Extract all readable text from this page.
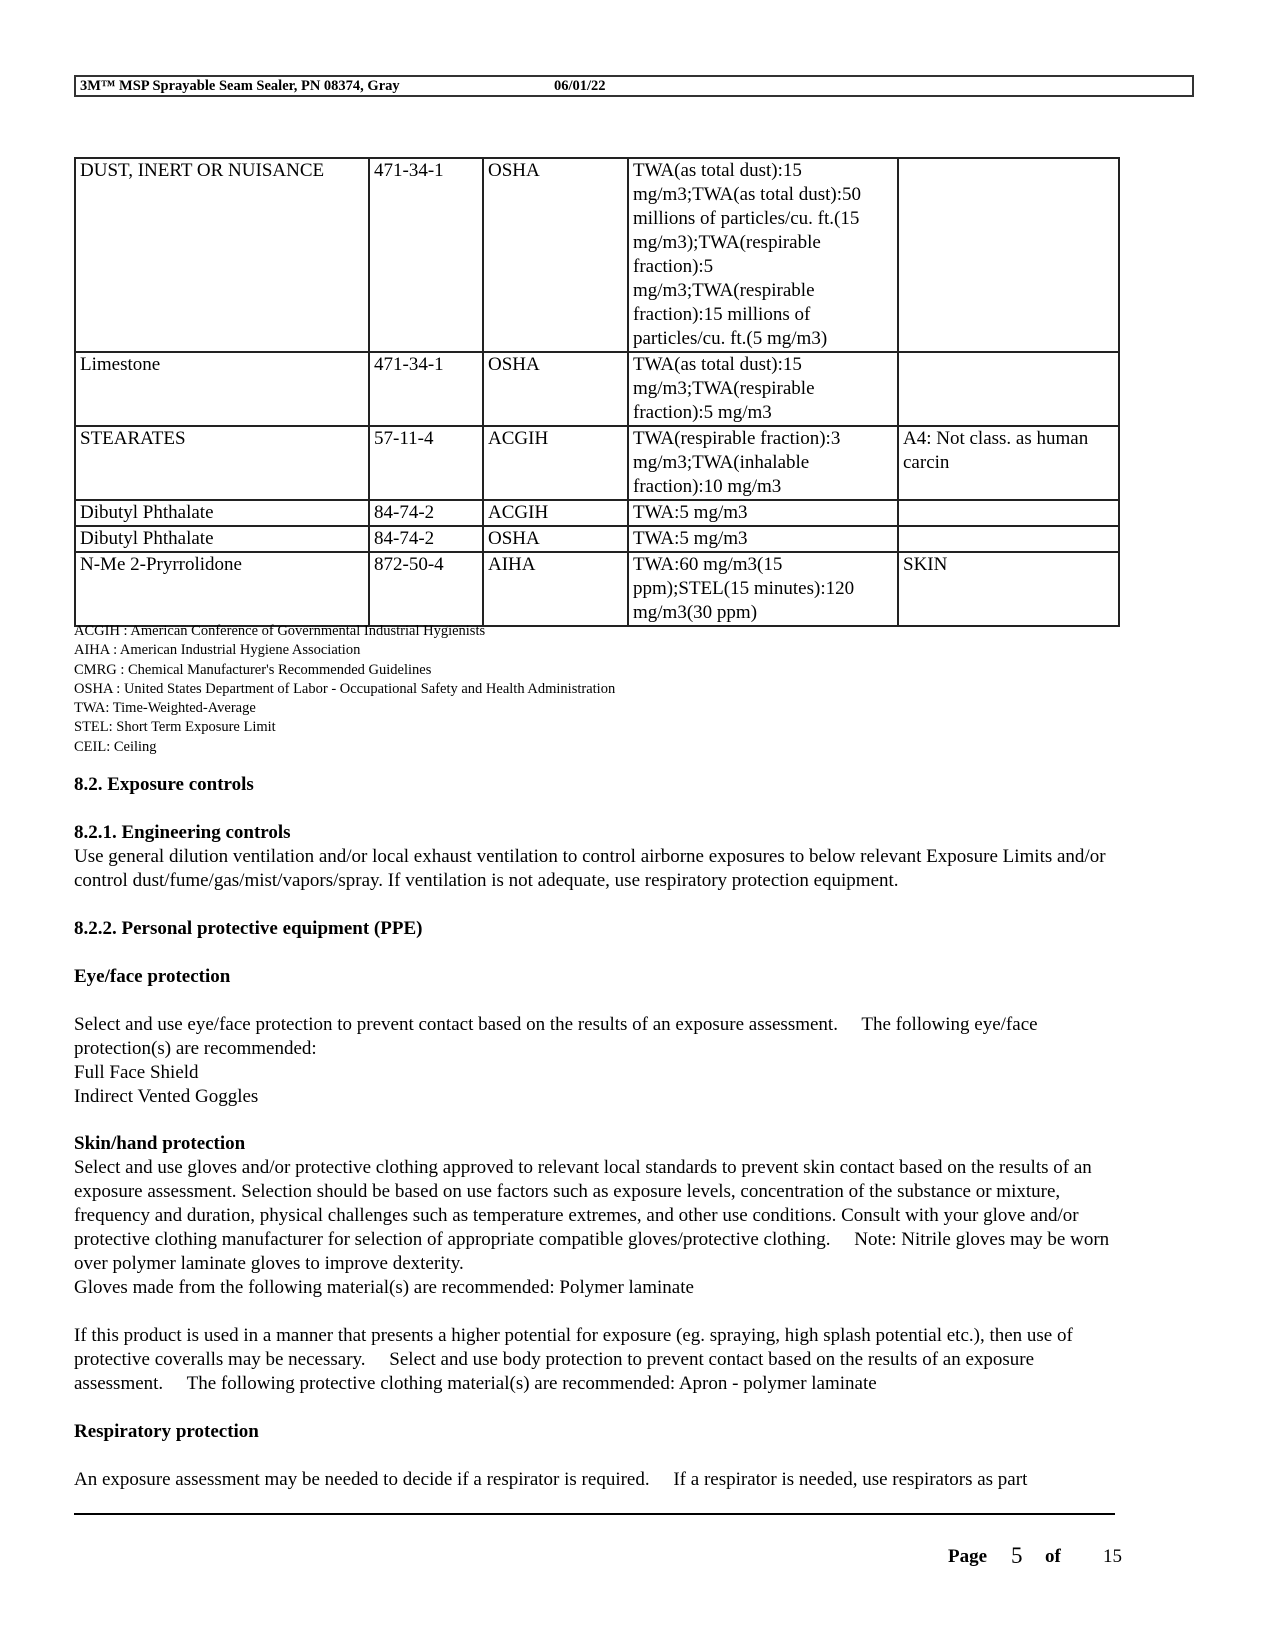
3M™ MSP Sprayable Seam Sealer, PN 08374, Gray	06/01/22
DUST, INERT OR NUISANCE	471-34-1	OSHA	TWA(as total dust):15 mg/m3;TWA(as total dust):50 millions of particles/cu. ft.(15 mg/m3);TWA(respirable fraction):5 mg/m3;TWA(respirable fraction):15 millions of particles/cu. ft.(5 mg/m3)	
Limestone	471-34-1	OSHA	TWA(as total dust):15 mg/m3;TWA(respirable fraction):5 mg/m3	
STEARATES	57-11-4	ACGIH	TWA(respirable fraction):3 mg/m3;TWA(inhalable fraction):10 mg/m3	A4: Not class. as human carcin
Dibutyl Phthalate	84-74-2	ACGIH	TWA:5 mg/m3	
Dibutyl Phthalate	84-74-2	OSHA	TWA:5 mg/m3	
N-Me 2-Pryrrolidone	872-50-4	AIHA	TWA:60 mg/m3(15 ppm);STEL(15 minutes):120 mg/m3(30 ppm)	SKIN
ACGIH : American Conference of Governmental Industrial Hygienists
AIHA : American Industrial Hygiene Association
CMRG : Chemical Manufacturer's Recommended Guidelines
OSHA : United States Department of Labor - Occupational Safety and Health Administration
TWA: Time-Weighted-Average
STEL: Short Term Exposure Limit
CEIL: Ceiling
8.2. Exposure controls
8.2.1. Engineering controls
Use general dilution ventilation and/or local exhaust ventilation to control airborne exposures to below relevant Exposure Limits and/or control dust/fume/gas/mist/vapors/spray. If ventilation is not adequate, use respiratory protection equipment.
8.2.2. Personal protective equipment (PPE)
Eye/face protection
Select and use eye/face protection to prevent contact based on the results of an exposure assessment.  The following eye/face protection(s) are recommended:
Full Face Shield
Indirect Vented Goggles
Skin/hand protection
Select and use gloves and/or protective clothing approved to relevant local standards to prevent skin contact based on the results of an exposure assessment. Selection should be based on use factors such as exposure levels, concentration of the substance or mixture, frequency and duration, physical challenges such as temperature extremes, and other use conditions. Consult with your glove and/or protective clothing manufacturer for selection of appropriate compatible gloves/protective clothing.  Note: Nitrile gloves may be worn over polymer laminate gloves to improve dexterity.
Gloves made from the following material(s) are recommended: Polymer laminate
If this product is used in a manner that presents a higher potential for exposure (eg. spraying, high splash potential etc.), then use of protective coveralls may be necessary.  Select and use body protection to prevent contact based on the results of an exposure assessment.  The following protective clothing material(s) are recommended: Apron - polymer laminate
Respiratory protection
An exposure assessment may be needed to decide if a respirator is required.  If a respirator is needed, use respirators as part
Page 5 of 15
